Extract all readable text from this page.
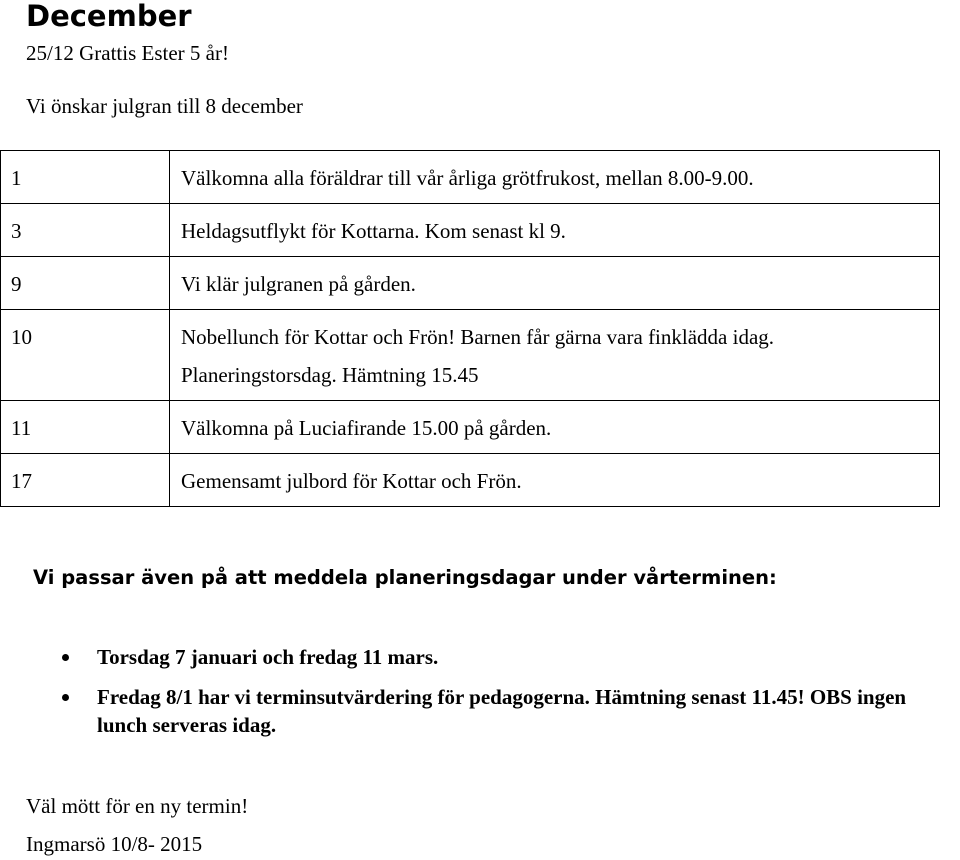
December
25/12 Grattis Ester 5 år!
Vi önskar julgran till 8 december
1	Välkomna alla föräldrar till vår årliga grötfrukost, mellan 8.00-9.00.
3	Heldagsutflykt för Kottarna. Kom senast kl 9.
9	Vi klär julgranen på gården.
10	Nobellunch för Kottar och Frön! Barnen får gärna vara finklädda idag.
Planeringstorsdag. Hämtning 15.45

11	Välkomna på Luciafirande 15.00 på gården.
17	Gemensamt julbord för Kottar och Frön.
Vi passar även på att meddela planeringsdagar under vårterminen:
Torsdag 7 januari och fredag 11 mars.
Fredag 8/1 har vi terminsutvärdering för pedagogerna. Hämtning senast 11.45! OBS ingen lunch serveras idag.
Väl mött för en ny termin!
Ingmarsö 10/8- 2015
